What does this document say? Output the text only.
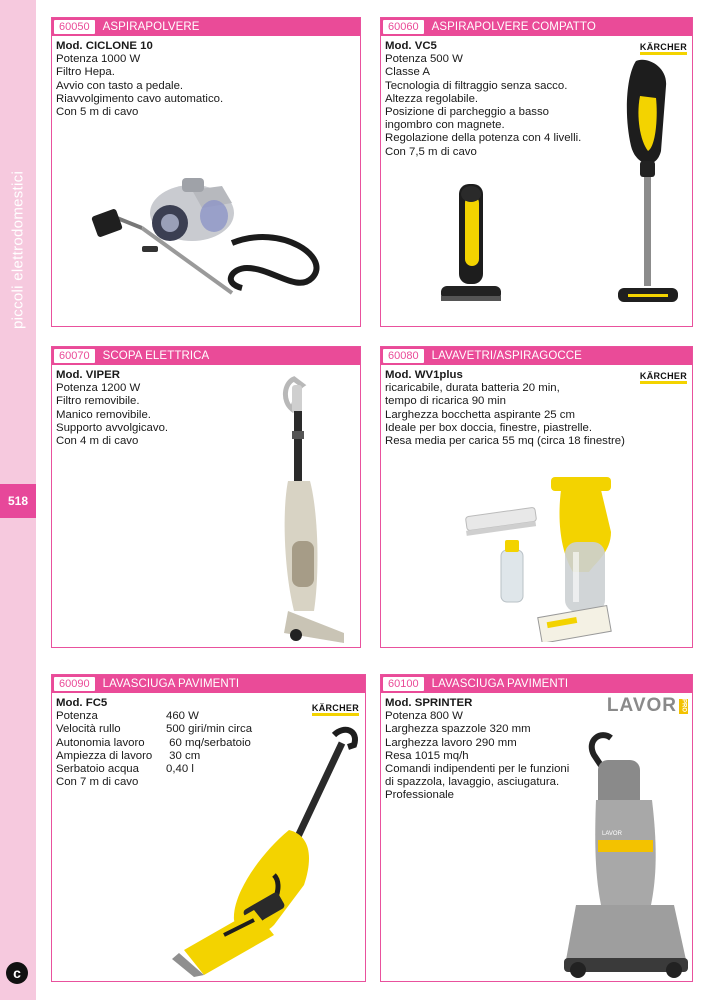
piccoli elettrodomestici
518
c
60050	ASPIRAPOLVERE
Mod. CICLONE 10
Potenza 1000 W
Filtro Hepa.
Avvio con tasto a pedale.
Riavvolgimento cavo automatico.
Con 5 m di cavo
60060	ASPIRAPOLVERE COMPATTO
KÄRCHER
Mod. VC5
Potenza 500 W
Classe A
Tecnologia di filtraggio senza sacco.
Altezza regolabile.
Posizione di parcheggio a basso
ingombro con magnete.
Regolazione della potenza con 4 livelli.
Con 7,5 m di cavo
60070	SCOPA ELETTRICA
Mod. VIPER
Potenza 1200 W
Filtro removibile.
Manico removibile.
Supporto avvolgicavo.
Con 4 m di cavo
60080	LAVAVETRI/ASPIRAGOCCE
KÄRCHER
Mod. WV1plus
ricaricabile, durata batteria 20 min,
tempo di ricarica 90 min
Larghezza bocchetta aspirante 25 cm
Ideale per box doccia, finestre, piastrelle.
Resa media per carica 55 mq (circa 18 finestre)
60090	LAVASCIUGA PAVIMENTI
KÄRCHER
Mod. FC5
Potenza	460 W
Velocità rullo	500 giri/min circa
Autonomia lavoro	60 mq/serbatoio
Ampiezza di lavoro	30 cm
Serbatoio acqua	0,40 l
Con 7 m di cavo
60100	LAVASCIUGA PAVIMENTI
LAVOR PRO
Mod. SPRINTER
Potenza 800 W
Larghezza spazzole 320 mm
Larghezza lavoro 290 mm
Resa 1015 mq/h
Comandi indipendenti per le funzioni
di spazzola, lavaggio, asciugatura.
Professionale
LAVOR
